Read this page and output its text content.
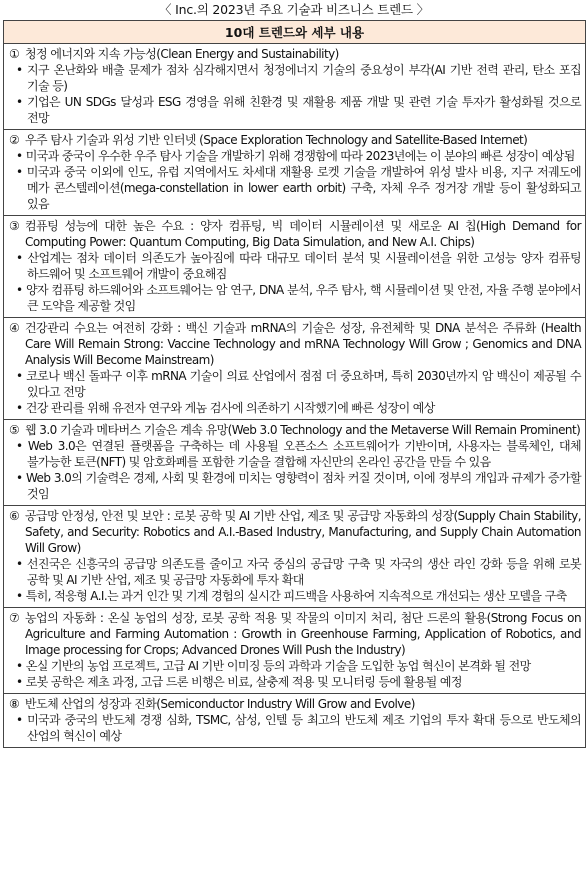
〈 Inc.의 2023년 주요 기술과 비즈니스 트렌드 〉
10대 트렌드와 세부 내용

① 청정 에너지와 지속 가능성(Clean Energy and Sustainability)
• 지구 온난화와 배출 문제가 점차 심각해지면서 청정에너지 기술의 중요성이 부각(AI 기반 전력 관리, 탄소 포집 기술 등)
• 기업은 UN SDGs 달성과 ESG 경영을 위해 친환경 및 재활용 제품 개발 및 관련 기술 투자가 활성화될 것으로 전망

② 우주 탐사 기술과 위성 기반 인터넷 (Space Exploration Technology and Satellite-Based Internet)
• 미국과 중국이 우수한 우주 탐사 기술을 개발하기 위해 경쟁함에 따라 2023년에는 이 분야의 빠른 성장이 예상됨
• 미국과 중국 이외에 인도, 유럽 지역에서도 차세대 재활용 로켓 기술을 개발하여 위성 발사 비용, 지구 저궤도에 메가 콘스텔레이션(mega-constellation in lower earth orbit) 구축, 자체 우주 정거장 개발 등이 활성화되고 있음

③ 컴퓨팅 성능에 대한 높은 수요 : 양자 컴퓨팅, 빅 데이터 시뮬레이션 및 새로운 AI 칩(High Demand for Computing Power: Quantum Computing, Big Data Simulation, and New A.I. Chips)
• 산업계는 점차 데이터 의존도가 높아짐에 따라 대규모 데이터 분석 및 시뮬레이션을 위한 고성능 양자 컴퓨팅 하드웨어 및 소프트웨어 개발이 중요해짐
• 양자 컴퓨팅 하드웨어와 소프트웨어는 암 연구, DNA 분석, 우주 탐사, 핵 시뮬레이션 및 안전, 자율 주행 분야에서 큰 도약을 제공할 것임

④ 건강관리 수요는 여전히 강화 : 백신 기술과 mRNA의 기술은 성장, 유전체학 및 DNA 분석은 주류화 (Health Care Will Remain Strong: Vaccine Technology and mRNA Technology Will Grow ; Genomics and DNA Analysis Will Become Mainstream)
• 코로나 백신 돌파구 이후 mRNA 기술이 의료 산업에서 점점 더 중요하며, 특히 2030년까지 암 백신이 제공될 수 있다고 전망
• 건강 관리를 위해 유전자 연구와 게놈 검사에 의존하기 시작했기에 빠른 성장이 예상

⑤ 웹 3.0 기술과 메타버스 기술은 계속 유망(Web 3.0 Technology and the Metaverse Will Remain Prominent)
• Web 3.0은 연결된 플랫폼을 구축하는 데 사용될 오픈소스 소프트웨어가 기반이며, 사용자는 블록체인, 대체 불가능한 토큰(NFT) 및 암호화폐를 포함한 기술을 결합해 자신만의 온라인 공간을 만들 수 있음
• Web 3.0의 기술력은 경제, 사회 및 환경에 미치는 영향력이 점차 커질 것이며, 이에 정부의 개입과 규제가 증가할 것임

⑥ 공급망 안정성, 안전 및 보안 : 로봇 공학 및 AI 기반 산업, 제조 및 공급망 자동화의 성장(Supply Chain Stability, Safety, and Security: Robotics and A.I.-Based Industry, Manufacturing, and Supply Chain Automation Will Grow)
• 선진국은 신흥국의 공급망 의존도를 줄이고 자국 중심의 공급망 구축 및 자국의 생산 라인 강화 등을 위해 로봇 공학 및 AI 기반 산업, 제조 및 공급망 자동화에 투자 확대
• 특히, 적응형 A.I.는 과거 인간 및 기계 경험의 실시간 피드백을 사용하여 지속적으로 개선되는 생산 모델을 구축

⑦ 농업의 자동화 : 온실 농업의 성장, 로봇 공학 적용 및 작물의 이미지 처리, 첨단 드론의 활용(Strong Focus on Agriculture and Farming Automation : Growth in Greenhouse Farming, Application of Robotics, and Image processing for Crops; Advanced Drones Will Push the Industry)
• 온실 기반의 농업 프로젝트, 고급 AI 기반 이미징 등의 과학과 기술을 도입한 농업 혁신이 본격화 될 전망
• 로봇 공학은 제초 과정, 고급 드론 비행은 비료, 살충제 적용 및 모니터링 등에 활용될 예정

⑧ 반도체 산업의 성장과 진화(Semiconductor Industry Will Grow and Evolve)
• 미국과 중국의 반도체 경쟁 심화, TSMC, 삼성, 인텔 등 최고의 반도체 제조 기업의 투자 확대 등으로 반도체의 산업의 혁신이 예상
